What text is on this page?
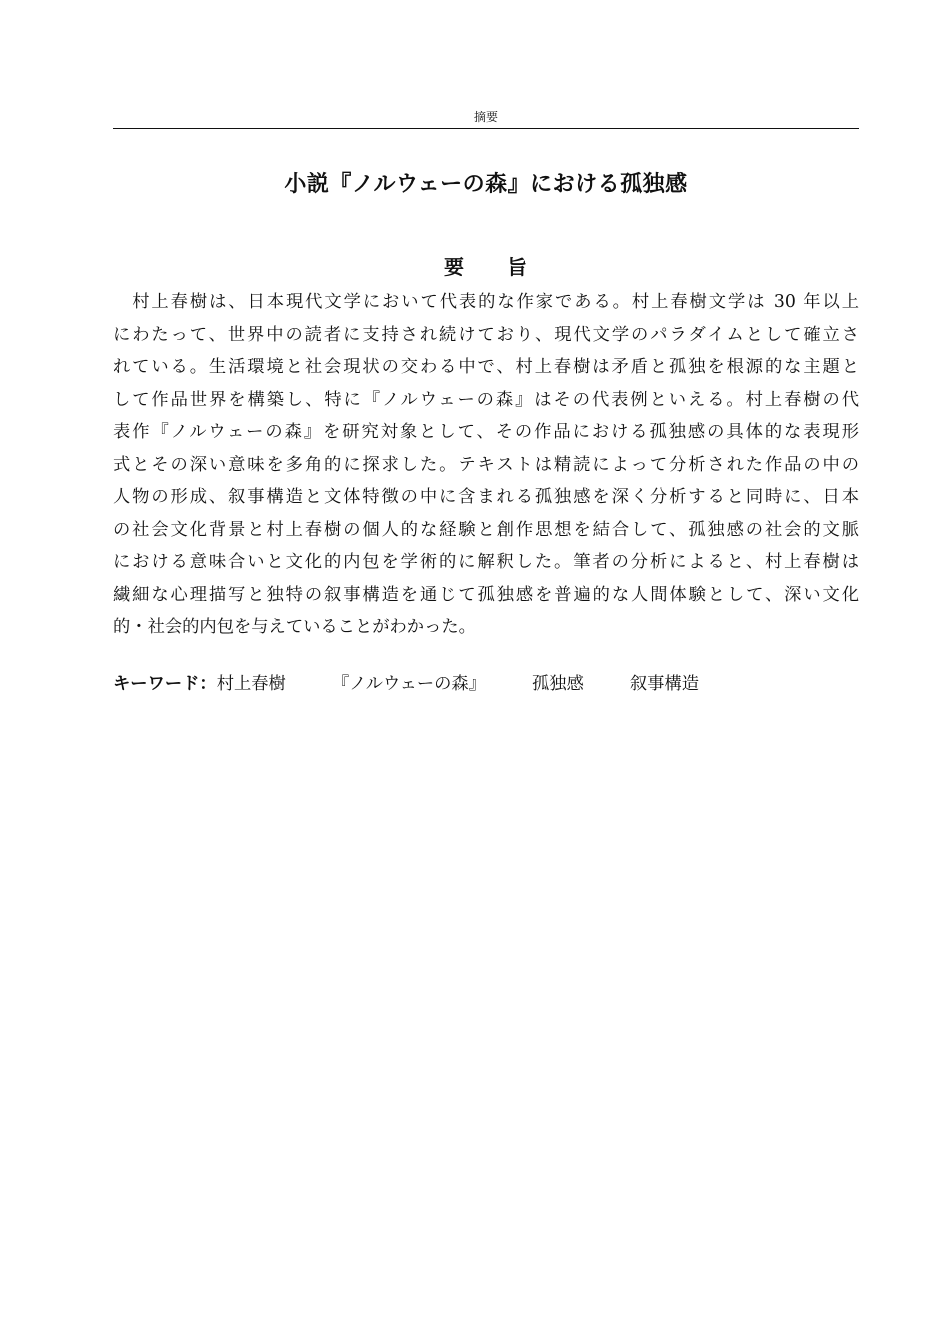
摘要
小説『ノルウェーの森』における孤独感
要　　旨
　村上春樹は、日本現代文学において代表的な作家である。村上春樹文学は 30 年以上
にわたって、世界中の読者に支持され続けており、現代文学のパラダイムとして確立さ
れている。生活環境と社会現状の交わる中で、村上春樹は矛盾と孤独を根源的な主題と
して作品世界を構築し、特に『ノルウェーの森』はその代表例といえる。村上春樹の代
表作『ノルウェーの森』を研究対象として、その作品における孤独感の具体的な表現形
式とその深い意味を多角的に探求した。テキストは精読によって分析された作品の中の
人物の形成、叙事構造と文体特徴の中に含まれる孤独感を深く分析すると同時に、日本
の社会文化背景と村上春樹の個人的な経験と創作思想を結合して、孤独感の社会的文脈
における意味合いと文化的内包を学術的に解釈した。筆者の分析によると、村上春樹は
繊細な心理描写と独特の叙事構造を通じて孤独感を普遍的な人間体験として、深い文化
的・社会的内包を与えていることがわかった。
キーワード：村上春樹	『ノルウェーの森』	孤独感	叙事構造
